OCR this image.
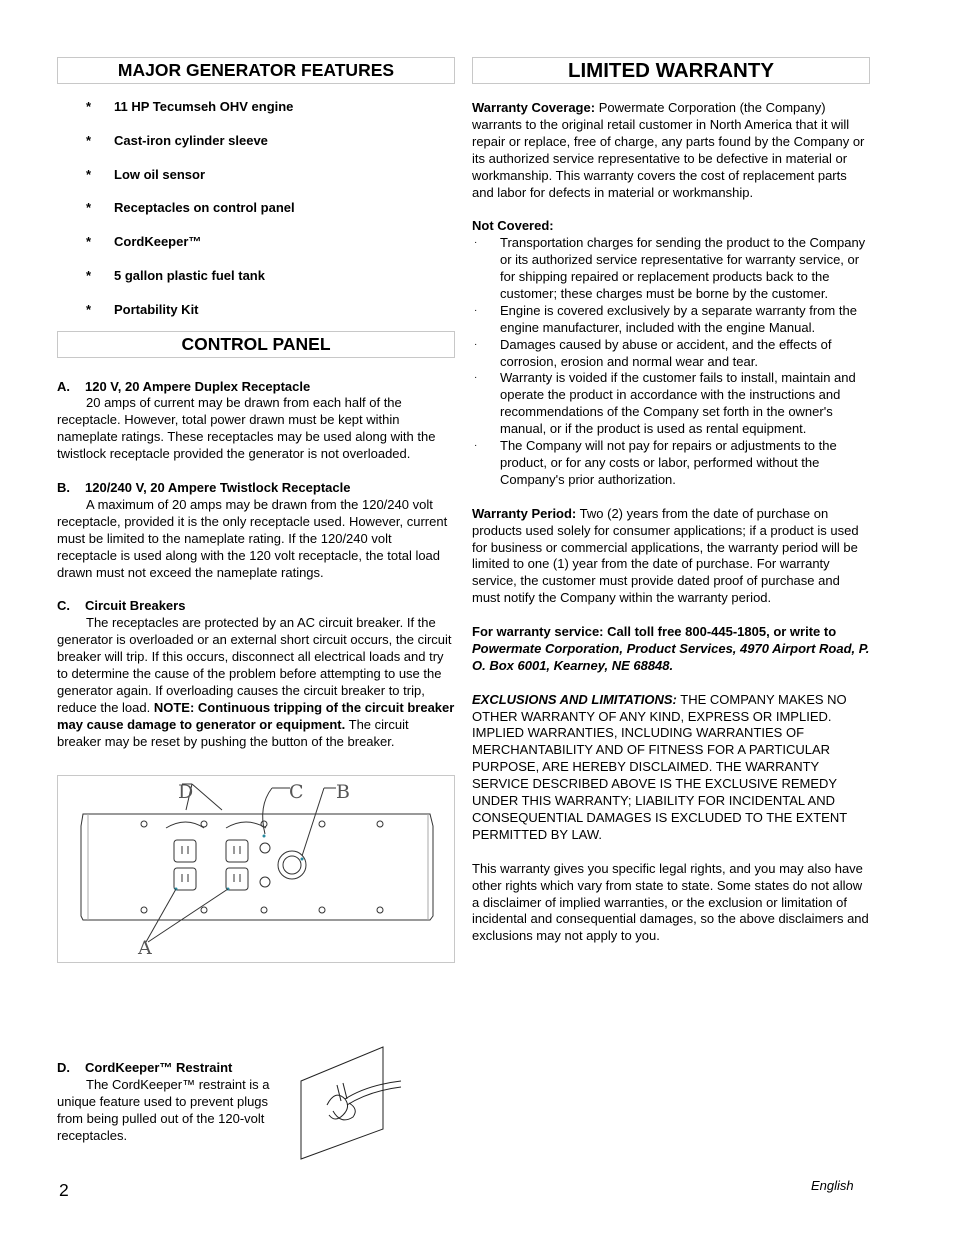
MAJOR GENERATOR FEATURES
* 11 HP Tecumseh OHV engine
* Cast-iron cylinder sleeve
* Low oil sensor
* Receptacles on control panel
* CordKeeper™
* 5 gallon plastic fuel tank
* Portability Kit
CONTROL PANEL
A. 120 V, 20 Ampere Duplex Receptacle

20 amps of current may be drawn from each half of the receptacle. However, total power drawn must be kept within nameplate ratings. These receptacles may be used along with the twistlock receptacle provided the generator is not overloaded.

B. 120/240 V, 20 Ampere Twistlock Receptacle

A maximum of 20 amps may be drawn from the 120/240 volt receptacle, provided it is the only receptacle used. However, current must be limited to the nameplate rating. If the 120/240 volt receptacle is used along with the 120 volt receptacle, the total load drawn must not exceed the nameplate ratings.

C. Circuit Breakers

The receptacles are protected by an AC circuit breaker. If the generator is overloaded or an external short circuit occurs, the circuit breaker will trip. If this occurs, disconnect all electrical loads and try to determine the cause of the problem before attempting to use the generator again. If overloading causes the circuit breaker to trip, reduce the load. NOTE: Continuous tripping of the circuit breaker may cause damage to generator or equipment. The circuit breaker may be reset by pushing the button of the breaker.

D	C B
A
D. CordKeeper™ Restraint

The CordKeeper™ restraint is a unique feature used to prevent plugs from being pulled out of the 120-volt receptacles.

LIMITED WARRANTY

Warranty Coverage: Powermate Corporation (the Company) warrants to the original retail customer in North America that it will repair or replace, free of charge, any parts found by the Company or its authorized service representative to be defective in material or workmanship. This warranty covers the cost of replacement parts and labor for defects in material or workmanship.

Not Covered:
· Transportation charges for sending the product to the Company or its authorized service representative for warranty service, or for shipping repaired or replacement products back to the customer; these charges must be borne by the customer.
· Engine is covered exclusively by a separate warranty from the engine manufacturer, included with the engine Manual.
· Damages caused by abuse or accident, and the effects of corrosion, erosion and normal wear and tear.
· Warranty is voided if the customer fails to install, maintain and operate the product in accordance with the instructions and recommendations of the Company set forth in the owner's manual, or if the product is used as rental equipment.
· The Company will not pay for repairs or adjustments to the product, or for any costs or labor, performed without the Company's prior authorization.

Warranty Period: Two (2) years from the date of purchase on products used solely for consumer applications; if a product is used for business or commercial applications, the warranty period will be limited to one (1) year from the date of purchase. For warranty service, the customer must provide dated proof of purchase and must notify the Company within the warranty period.

For warranty service: Call toll free 800-445-1805, or write to Powermate Corporation, Product Services, 4970 Airport Road, P. O. Box 6001, Kearney, NE 68848.

EXCLUSIONS AND LIMITATIONS: THE COMPANY MAKES NO OTHER WARRANTY OF ANY KIND, EXPRESS OR IMPLIED. IMPLIED WARRANTIES, INCLUDING WARRANTIES OF MERCHANTABILITY AND OF FITNESS FOR A PARTICULAR PURPOSE, ARE HEREBY DISCLAIMED. THE WARRANTY SERVICE DESCRIBED ABOVE IS THE EXCLUSIVE REMEDY UNDER THIS WARRANTY; LIABILITY FOR INCIDENTAL AND CONSEQUENTIAL DAMAGES IS EXCLUDED TO THE EXTENT PERMITTED BY LAW.

This warranty gives you specific legal rights, and you may also have other rights which vary from state to state. Some states do not allow a disclaimer of implied warranties, or the exclusion or limitation of incidental and consequential damages, so the above disclaimers and exclusions may not apply to you.

2	English
